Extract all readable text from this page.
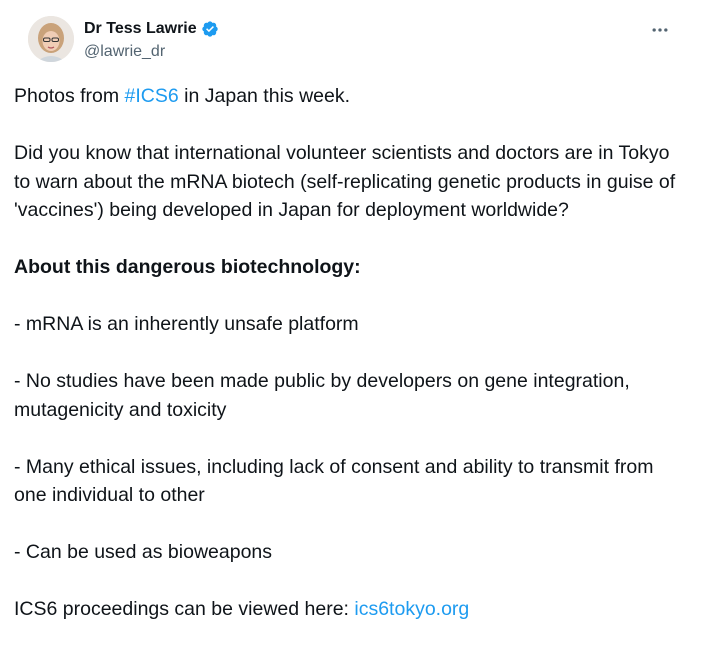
Dr Tess Lawrie
@lawrie_dr

Photos from #ICS6 in Japan this week.

Did you know that international volunteer scientists and doctors are in Tokyo to warn about the mRNA biotech (self-replicating genetic products in guise of 'vaccines') being developed in Japan for deployment worldwide?

About this dangerous biotechnology:

- mRNA is an inherently unsafe platform

- No studies have been made public by developers on gene integration, mutagenicity and toxicity

- Many ethical issues, including lack of consent and ability to transmit from one individual to other

- Can be used as bioweapons

ICS6 proceedings can be viewed here: ics6tokyo.org
